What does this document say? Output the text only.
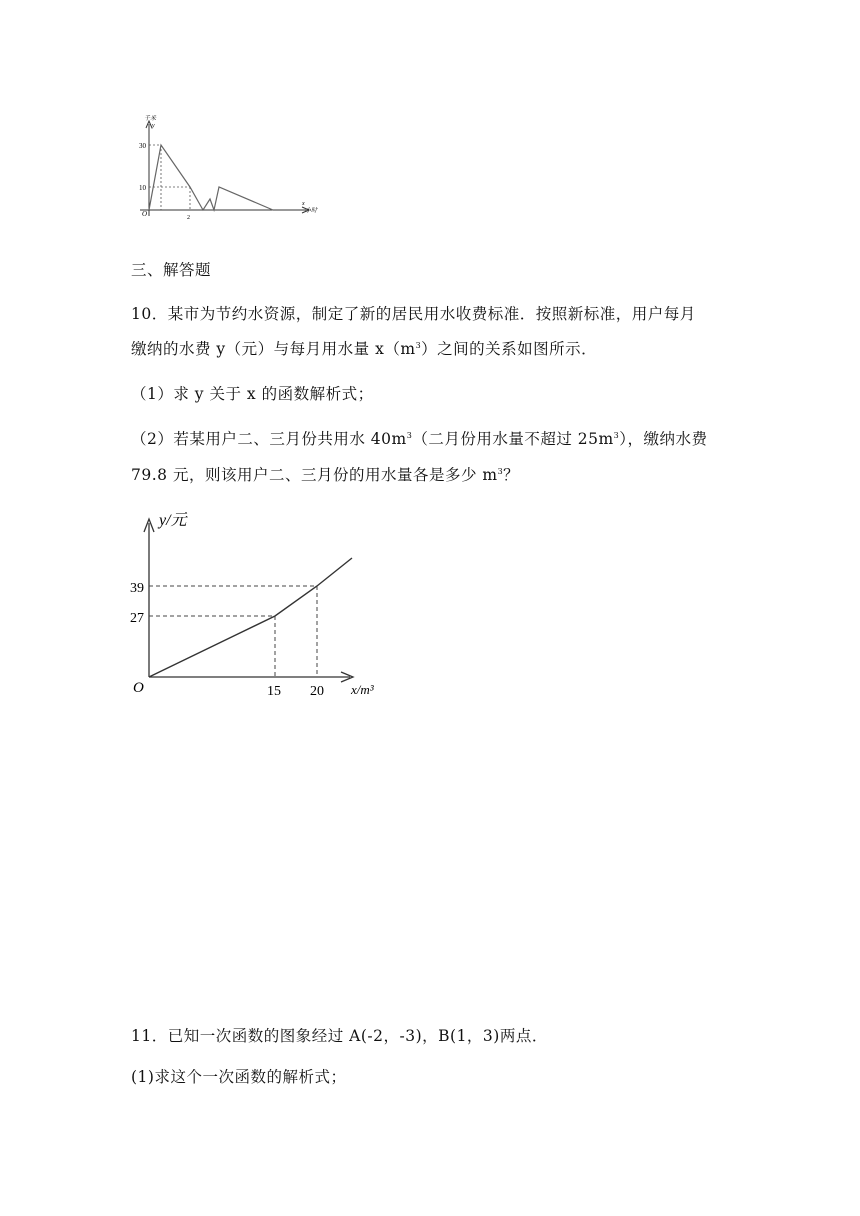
千米
y
x
小时
30
10
O	2
三、解答题
10．某市为节约水资源，制定了新的居民用水收费标准．按照新标准，用户每月
缴纳的水费 y（元）与每月用水量 $x(m^3)$之间的关系如图所示．
（1）求 y 关于 x 的函数解析式；
（2）若某用户二、三月份共用水 $40m^3$（二月份用水量不超过 $25m^3$），缴纳水费
79.8 元，则该用户二、三月份的用水量各是多少 $m^3$？
y/元
x/m³
O
39
27
15 20
11．已知一次函数的图象经过 A(-2，-3)，B(1，3)两点．
(1)求这个一次函数的解析式；
